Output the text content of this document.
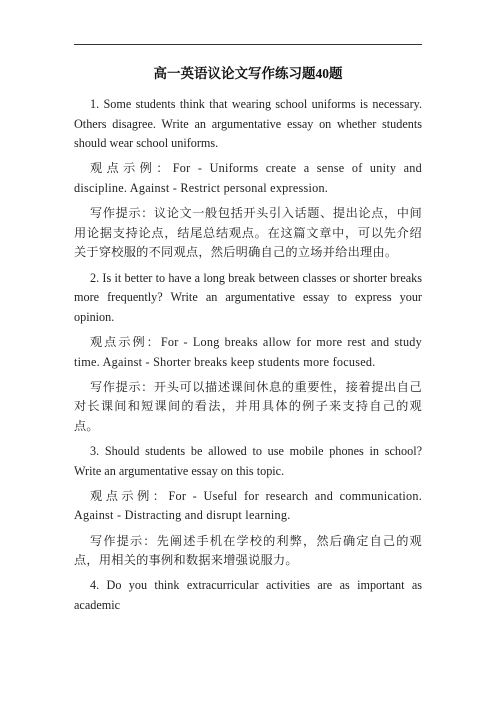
高一英语议论文写作练习题40题

1. Some students think that wearing school uniforms is necessary. Others disagree. Write an argumentative essay on whether students should wear school uniforms.

观点示例：For - Uniforms create a sense of unity and discipline. Against - Restrict personal expression.

写作提示：议论文一般包括开头引入话题、提出论点，中间用论据支持论点，结尾总结观点。在这篇文章中，可以先介绍关于穿校服的不同观点，然后明确自己的立场并给出理由。

2. Is it better to have a long break between classes or shorter breaks more frequently? Write an argumentative essay to express your opinion.

观点示例：For - Long breaks allow for more rest and study time. Against - Shorter breaks keep students more focused.

写作提示：开头可以描述课间休息的重要性，接着提出自己对长课间和短课间的看法，并用具体的例子来支持自己的观点。

3. Should students be allowed to use mobile phones in school? Write an argumentative essay on this topic.

观点示例：For - Useful for research and communication. Against - Distracting and disrupt learning.

写作提示：先阐述手机在学校的利弊，然后确定自己的观点，用相关的事例和数据来增强说服力。

4. Do you think extracurricular activities are as important as academic
